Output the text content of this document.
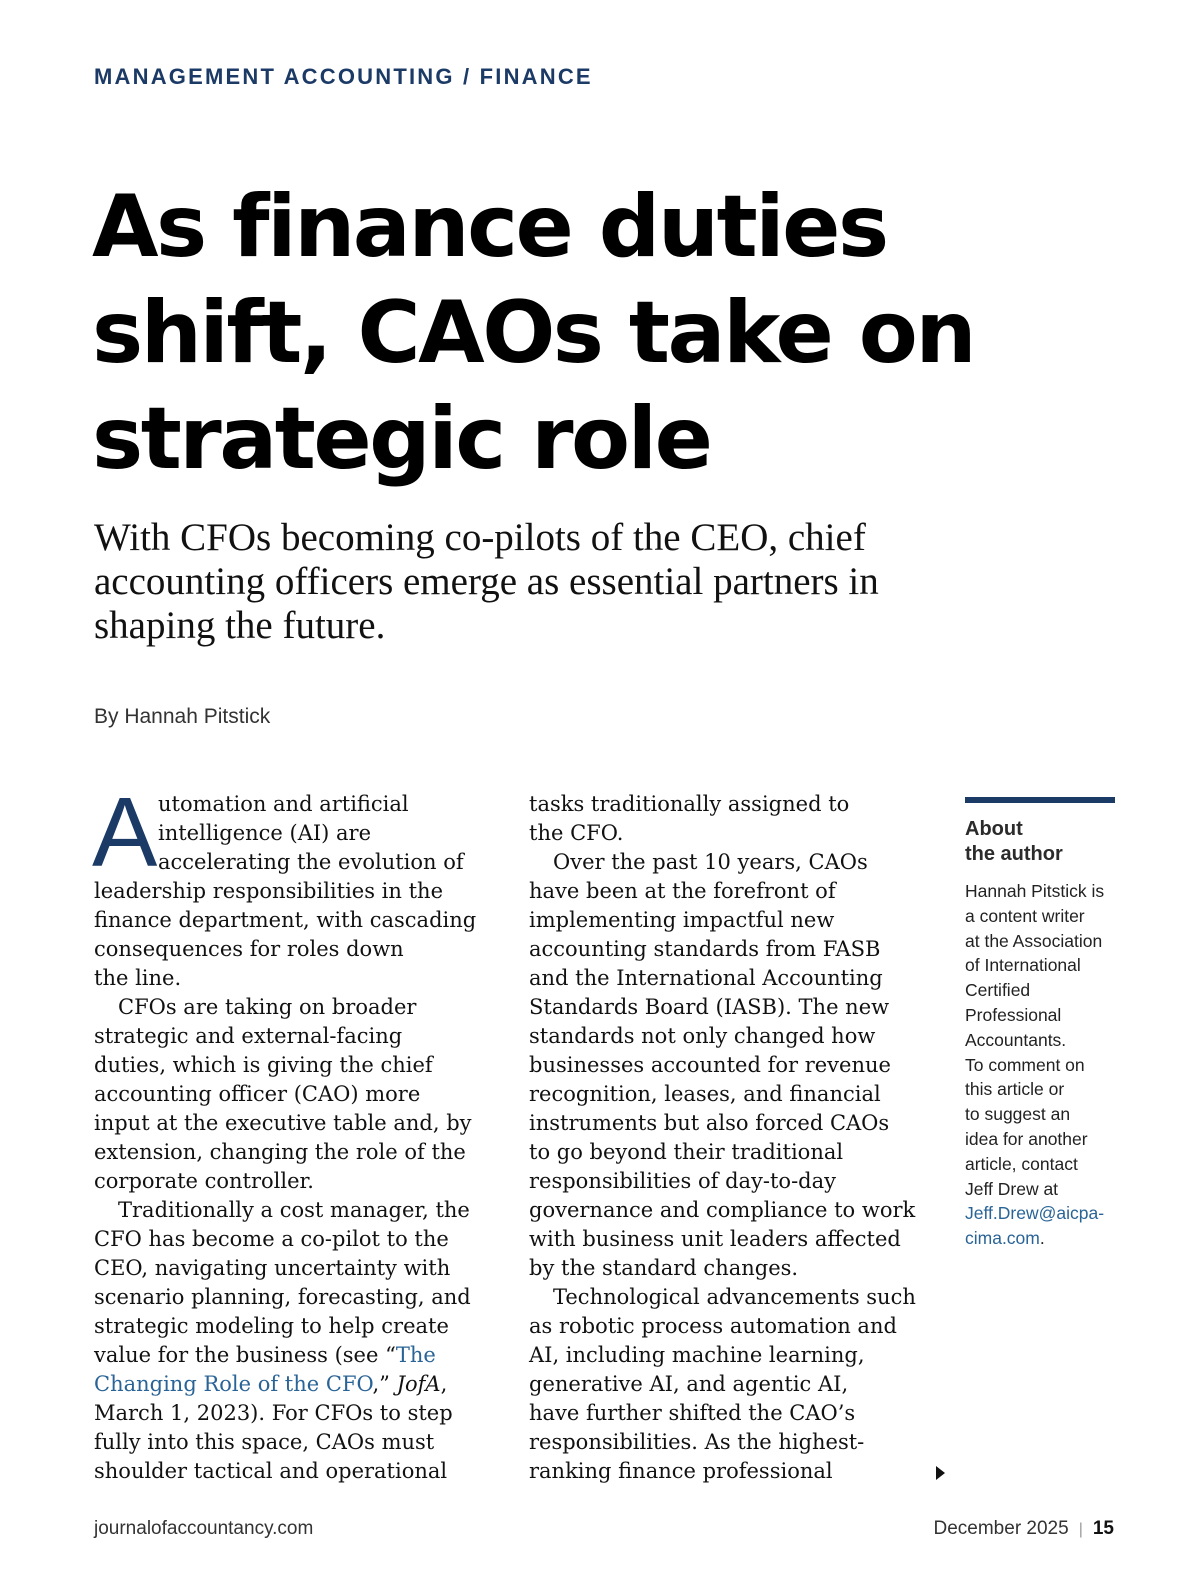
MANAGEMENT ACCOUNTING / FINANCE
As finance duties
shift, CAOs take on
strategic role
With CFOs becoming co-pilots of the CEO, chief
accounting officers emerge as essential partners in
shaping the future.
By Hannah Pitstick
A utomation and artificial
intelligence (AI) are
accelerating the evolution of
leadership responsibilities in the
finance department, with cascading
consequences for roles down
the line.
CFOs are taking on broader
strategic and external-facing
duties, which is giving the chief
accounting officer (CAO) more
input at the executive table and, by
extension, changing the role of the
corporate controller.
Traditionally a cost manager, the
CFO has become a co-pilot to the
CEO, navigating uncertainty with
scenario planning, forecasting, and
strategic modeling to help create
value for the business (see “The
Changing Role of the CFO,” JofA,
March 1, 2023). For CFOs to step
fully into this space, CAOs must
shoulder tactical and operational
tasks traditionally assigned to
the CFO.
Over the past 10 years, CAOs
have been at the forefront of
implementing impactful new
accounting standards from FASB
and the International Accounting
Standards Board (IASB). The new
standards not only changed how
businesses accounted for revenue
recognition, leases, and financial
instruments but also forced CAOs
to go beyond their traditional
responsibilities of day-to-day
governance and compliance to work
with business unit leaders affected
by the standard changes.
Technological advancements such
as robotic process automation and
AI, including machine learning,
generative AI, and agentic AI,
have further shifted the CAO’s
responsibilities. As the highest-
ranking finance professional
About
the author
Hannah Pitstick is
a content writer
at the Association
of International
Certified
Professional
Accountants.
To comment on
this article or
to suggest an
idea for another
article, contact
Jeff Drew at
Jeff.Drew@aicpa-
cima.com.
journalofaccountancy.com	December 2025 | 15
